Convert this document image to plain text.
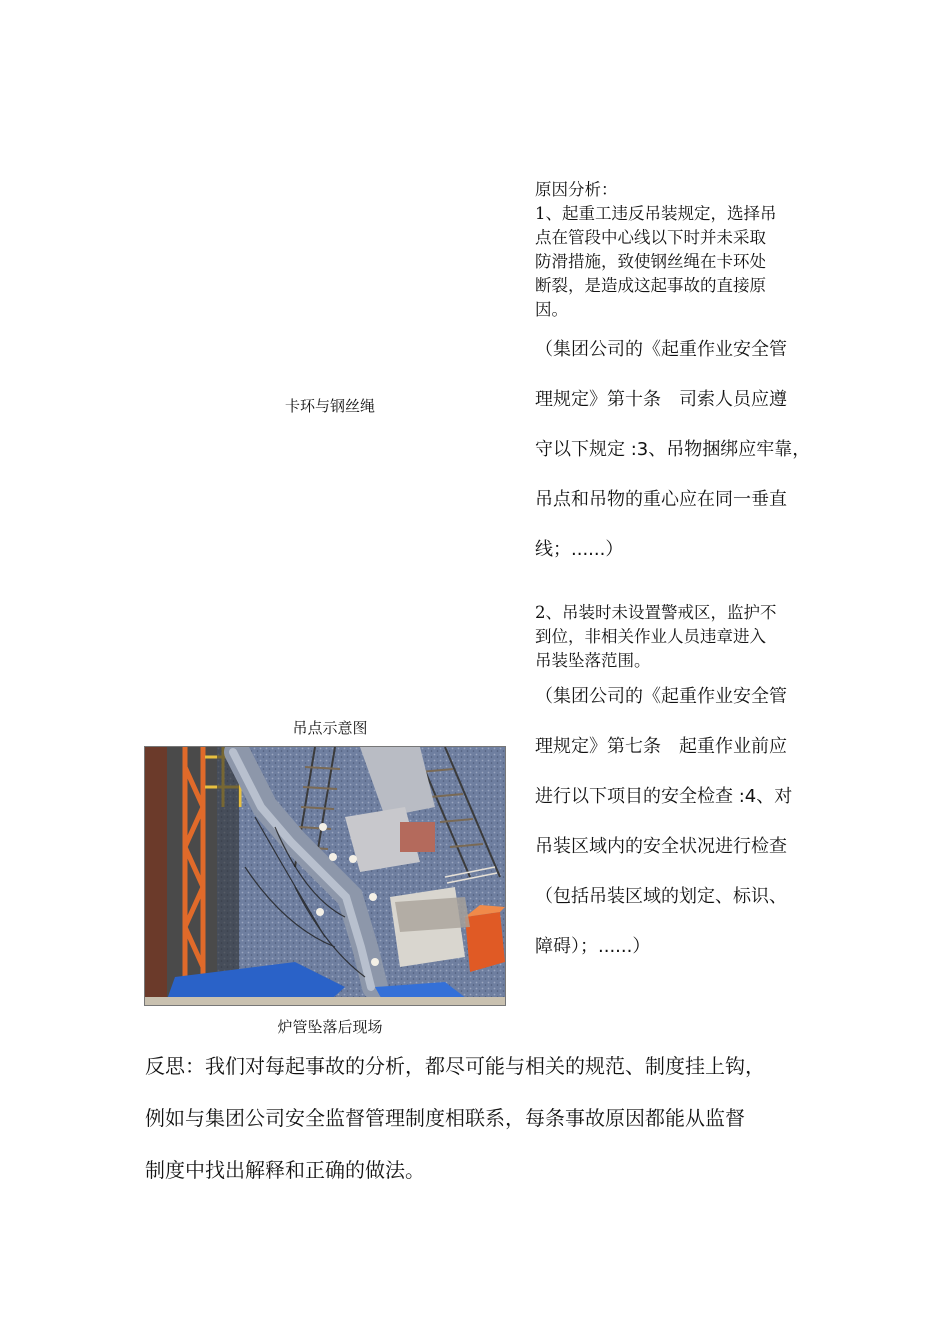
卡环与钢丝绳
吊点示意图
炉管坠落后现场
原因分析：
1、起重工违反吊装规定，选择吊
点在管段中心线以下时并未采取
防滑措施，致使钢丝绳在卡环处
断裂，是造成这起事故的直接原
因。
（集团公司的《起重作业安全管
理规定》第十条　司索人员应遵
守以下规定 :3、吊物捆绑应牢靠，
吊点和吊物的重心应在同一垂直
线；......）
2、吊装时未设置警戒区，监护不
到位，非相关作业人员违章进入
吊装坠落范围。
（集团公司的《起重作业安全管
理规定》第七条　起重作业前应
进行以下项目的安全检查 :4、对
吊装区域内的安全状况进行检查
（包括吊装区域的划定、标识、
障碍）；......）
反思：我们对每起事故的分析，都尽可能与相关的规范、制度挂上钩，
例如与集团公司安全监督管理制度相联系，每条事故原因都能从监督
制度中找出解释和正确的做法。
